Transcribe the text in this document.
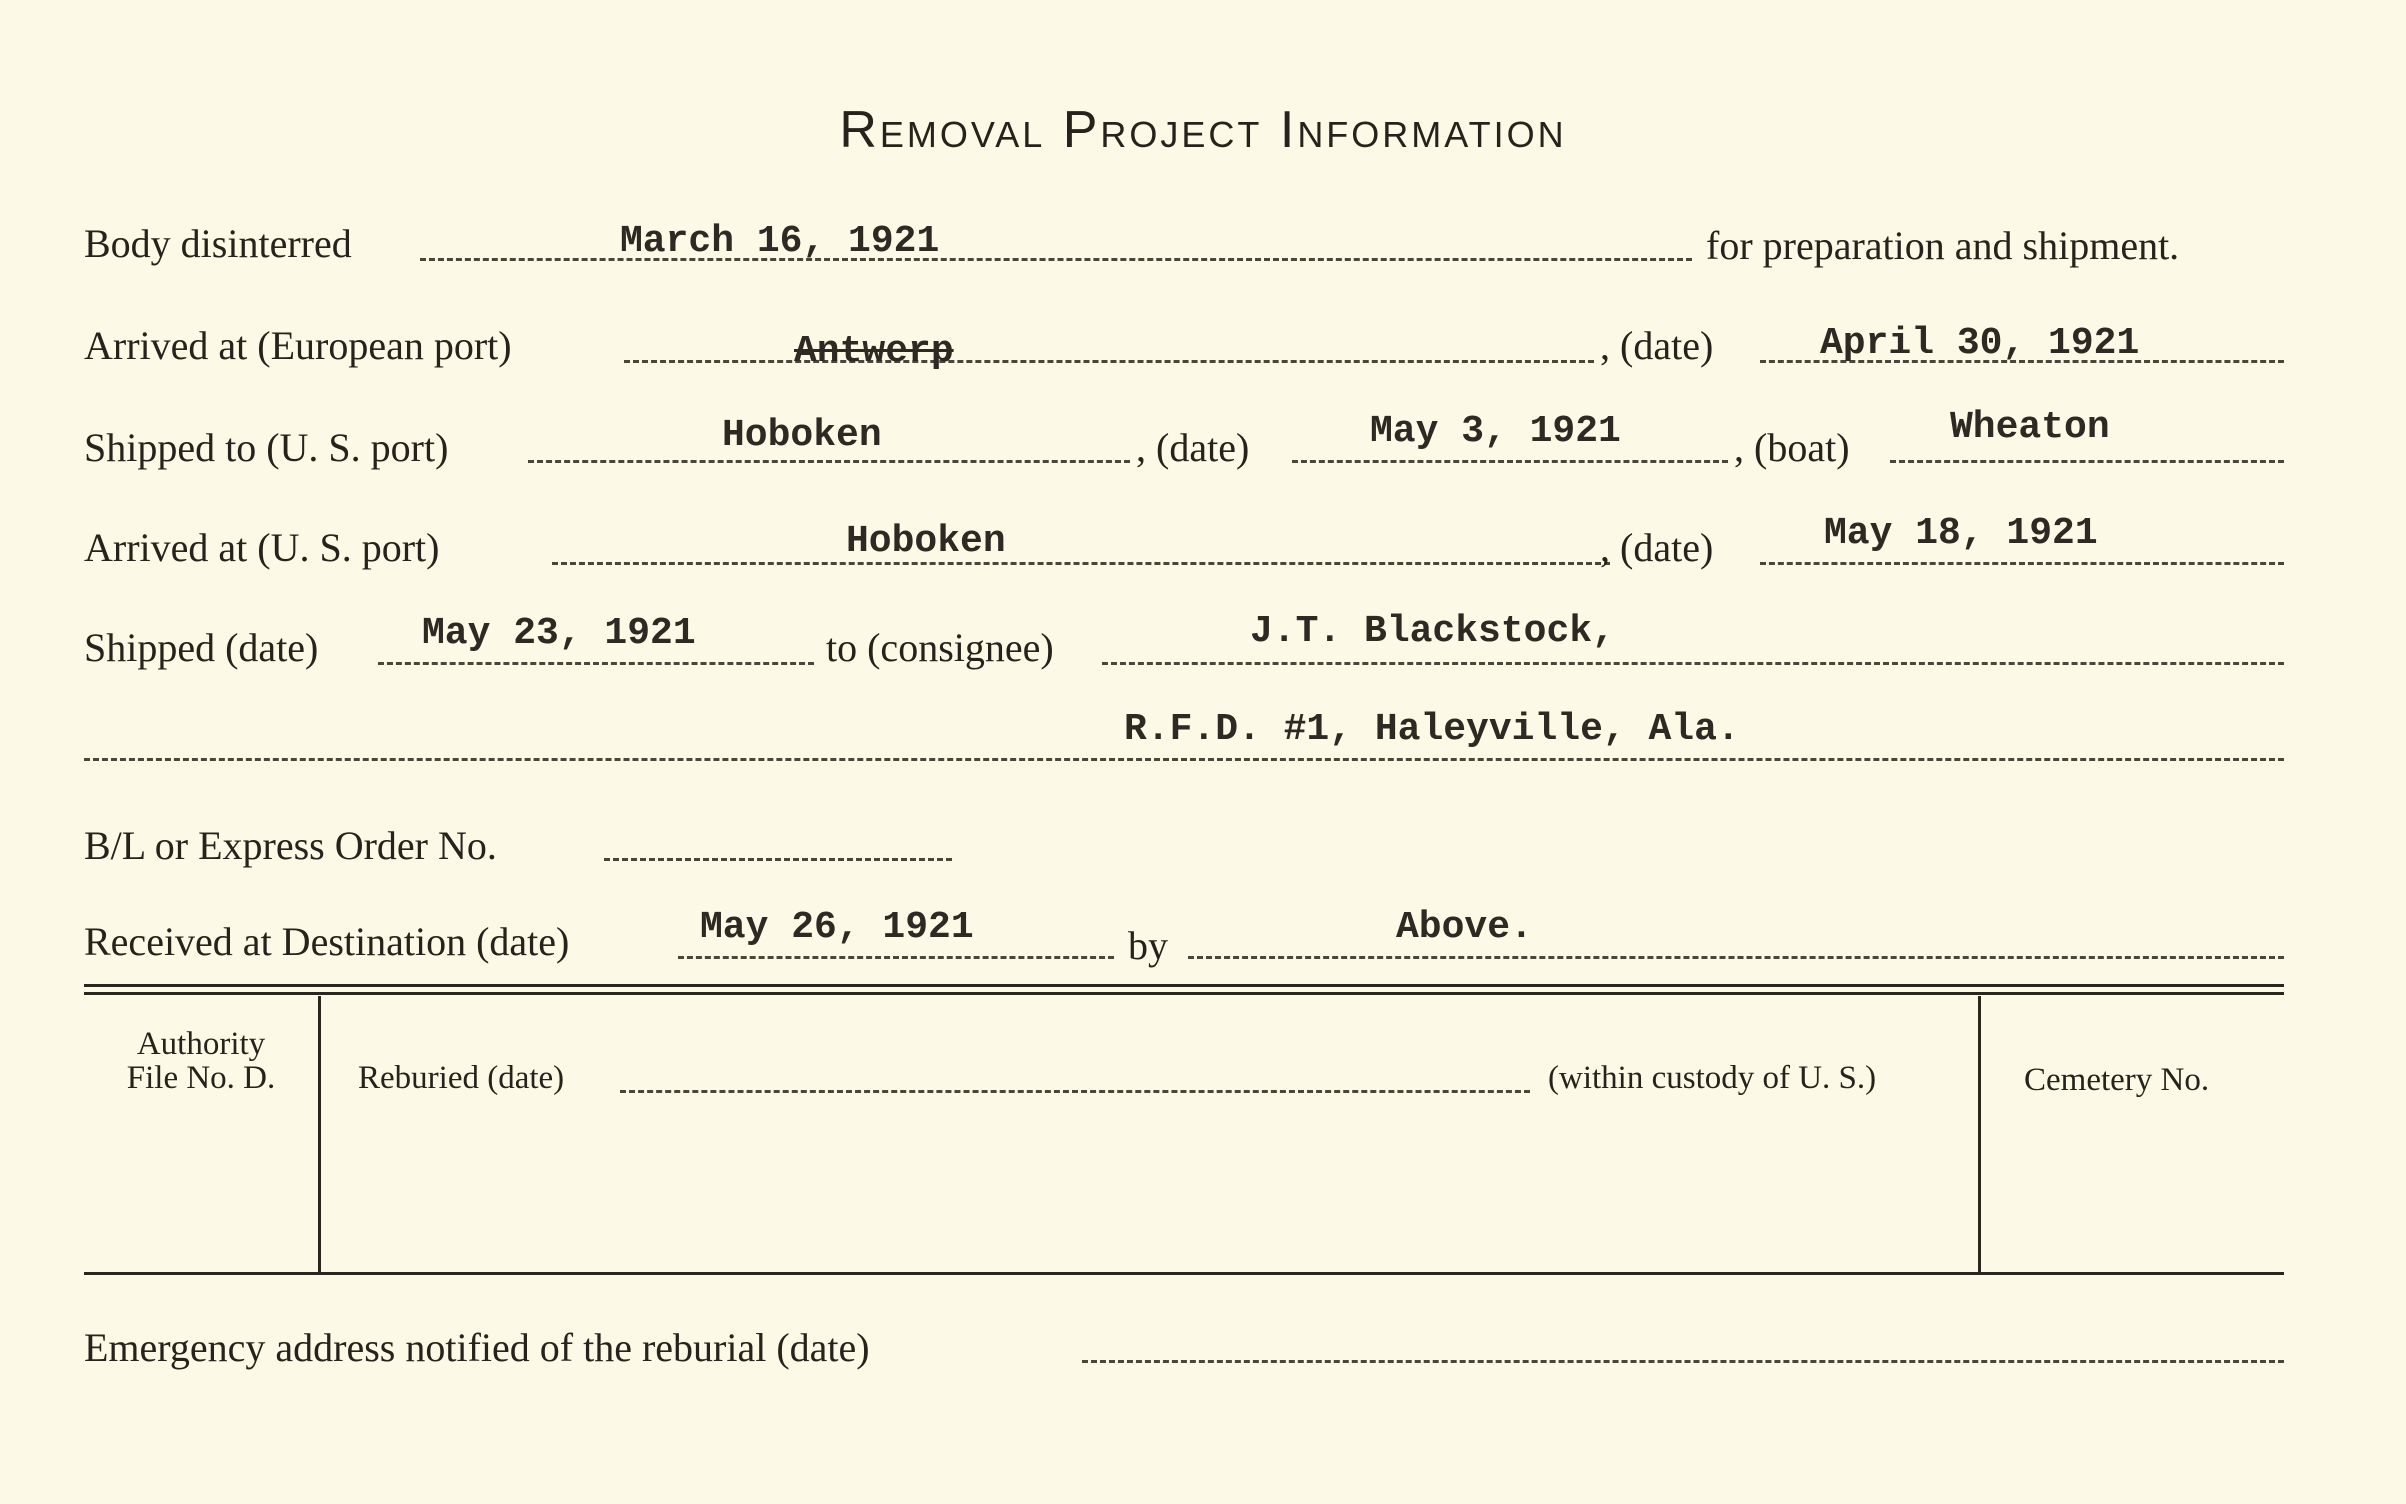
Removal Project Information
Body disinterred	March 16, 1921	for preparation and shipment.
Arrived at (European port)	Antwerp	, (date)	April 30, 1921
Shipped to (U. S. port)	Hoboken	, (date)	May 3, 1921	, (boat)	Wheaton
Arrived at (U. S. port)	Hoboken	, (date)	May 18, 1921
Shipped (date)	May 23, 1921	to (consignee)	J.T. Blackstock,
R.F.D. #1, Haleyville, Ala.
B/L or Express Order No.
Received at Destination (date)	May 26, 1921	by	Above.
Authority
File No. D.	Reburied (date)	(within custody of U. S.)	Cemetery No.
Emergency address notified of the reburial (date)
